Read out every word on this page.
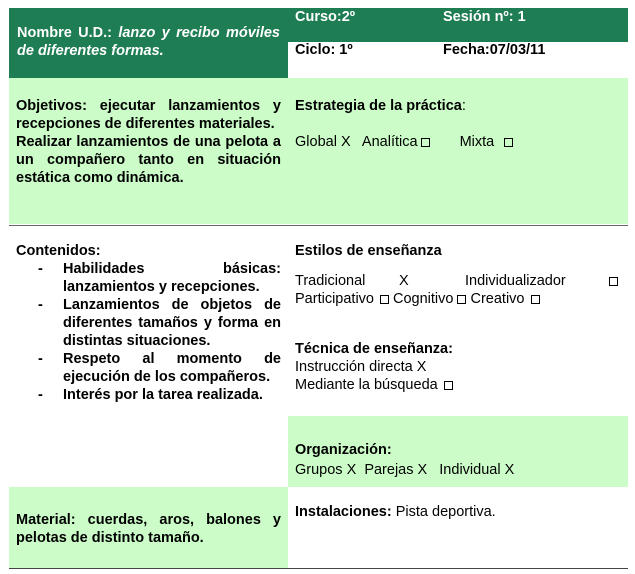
Nombre U.D.: lanzo y recibo móviles de diferentes formas.
Curso:2º	Sesión nº: 1
Ciclo: 1º	Fecha:07/03/11
Objetivos: ejecutar lanzamientos y recepciones de diferentes materiales.
Realizar lanzamientos de una pelota a un compañero tanto en situación estática como dinámica.
Estrategia de la práctica:
Global X Analítica	Mixta
Contenidos:
- Habilidades básicas: lanzamientos y recepciones.
- Lanzamientos de objetos de diferentes tamaños y forma en distintas situaciones.
- Respeto al momento de ejecución de los compañeros.
- Interés por la tarea realizada.
Estilos de enseñanza
Tradicional X	Individualizador
Participativo Cognitivo Creativo
Técnica de enseñanza:
Instrucción directa X
Mediante la búsqueda
Organización:
Grupos X Parejas X Individual X
Material: cuerdas, aros, balones y pelotas de distinto tamaño.
Instalaciones: Pista deportiva.
